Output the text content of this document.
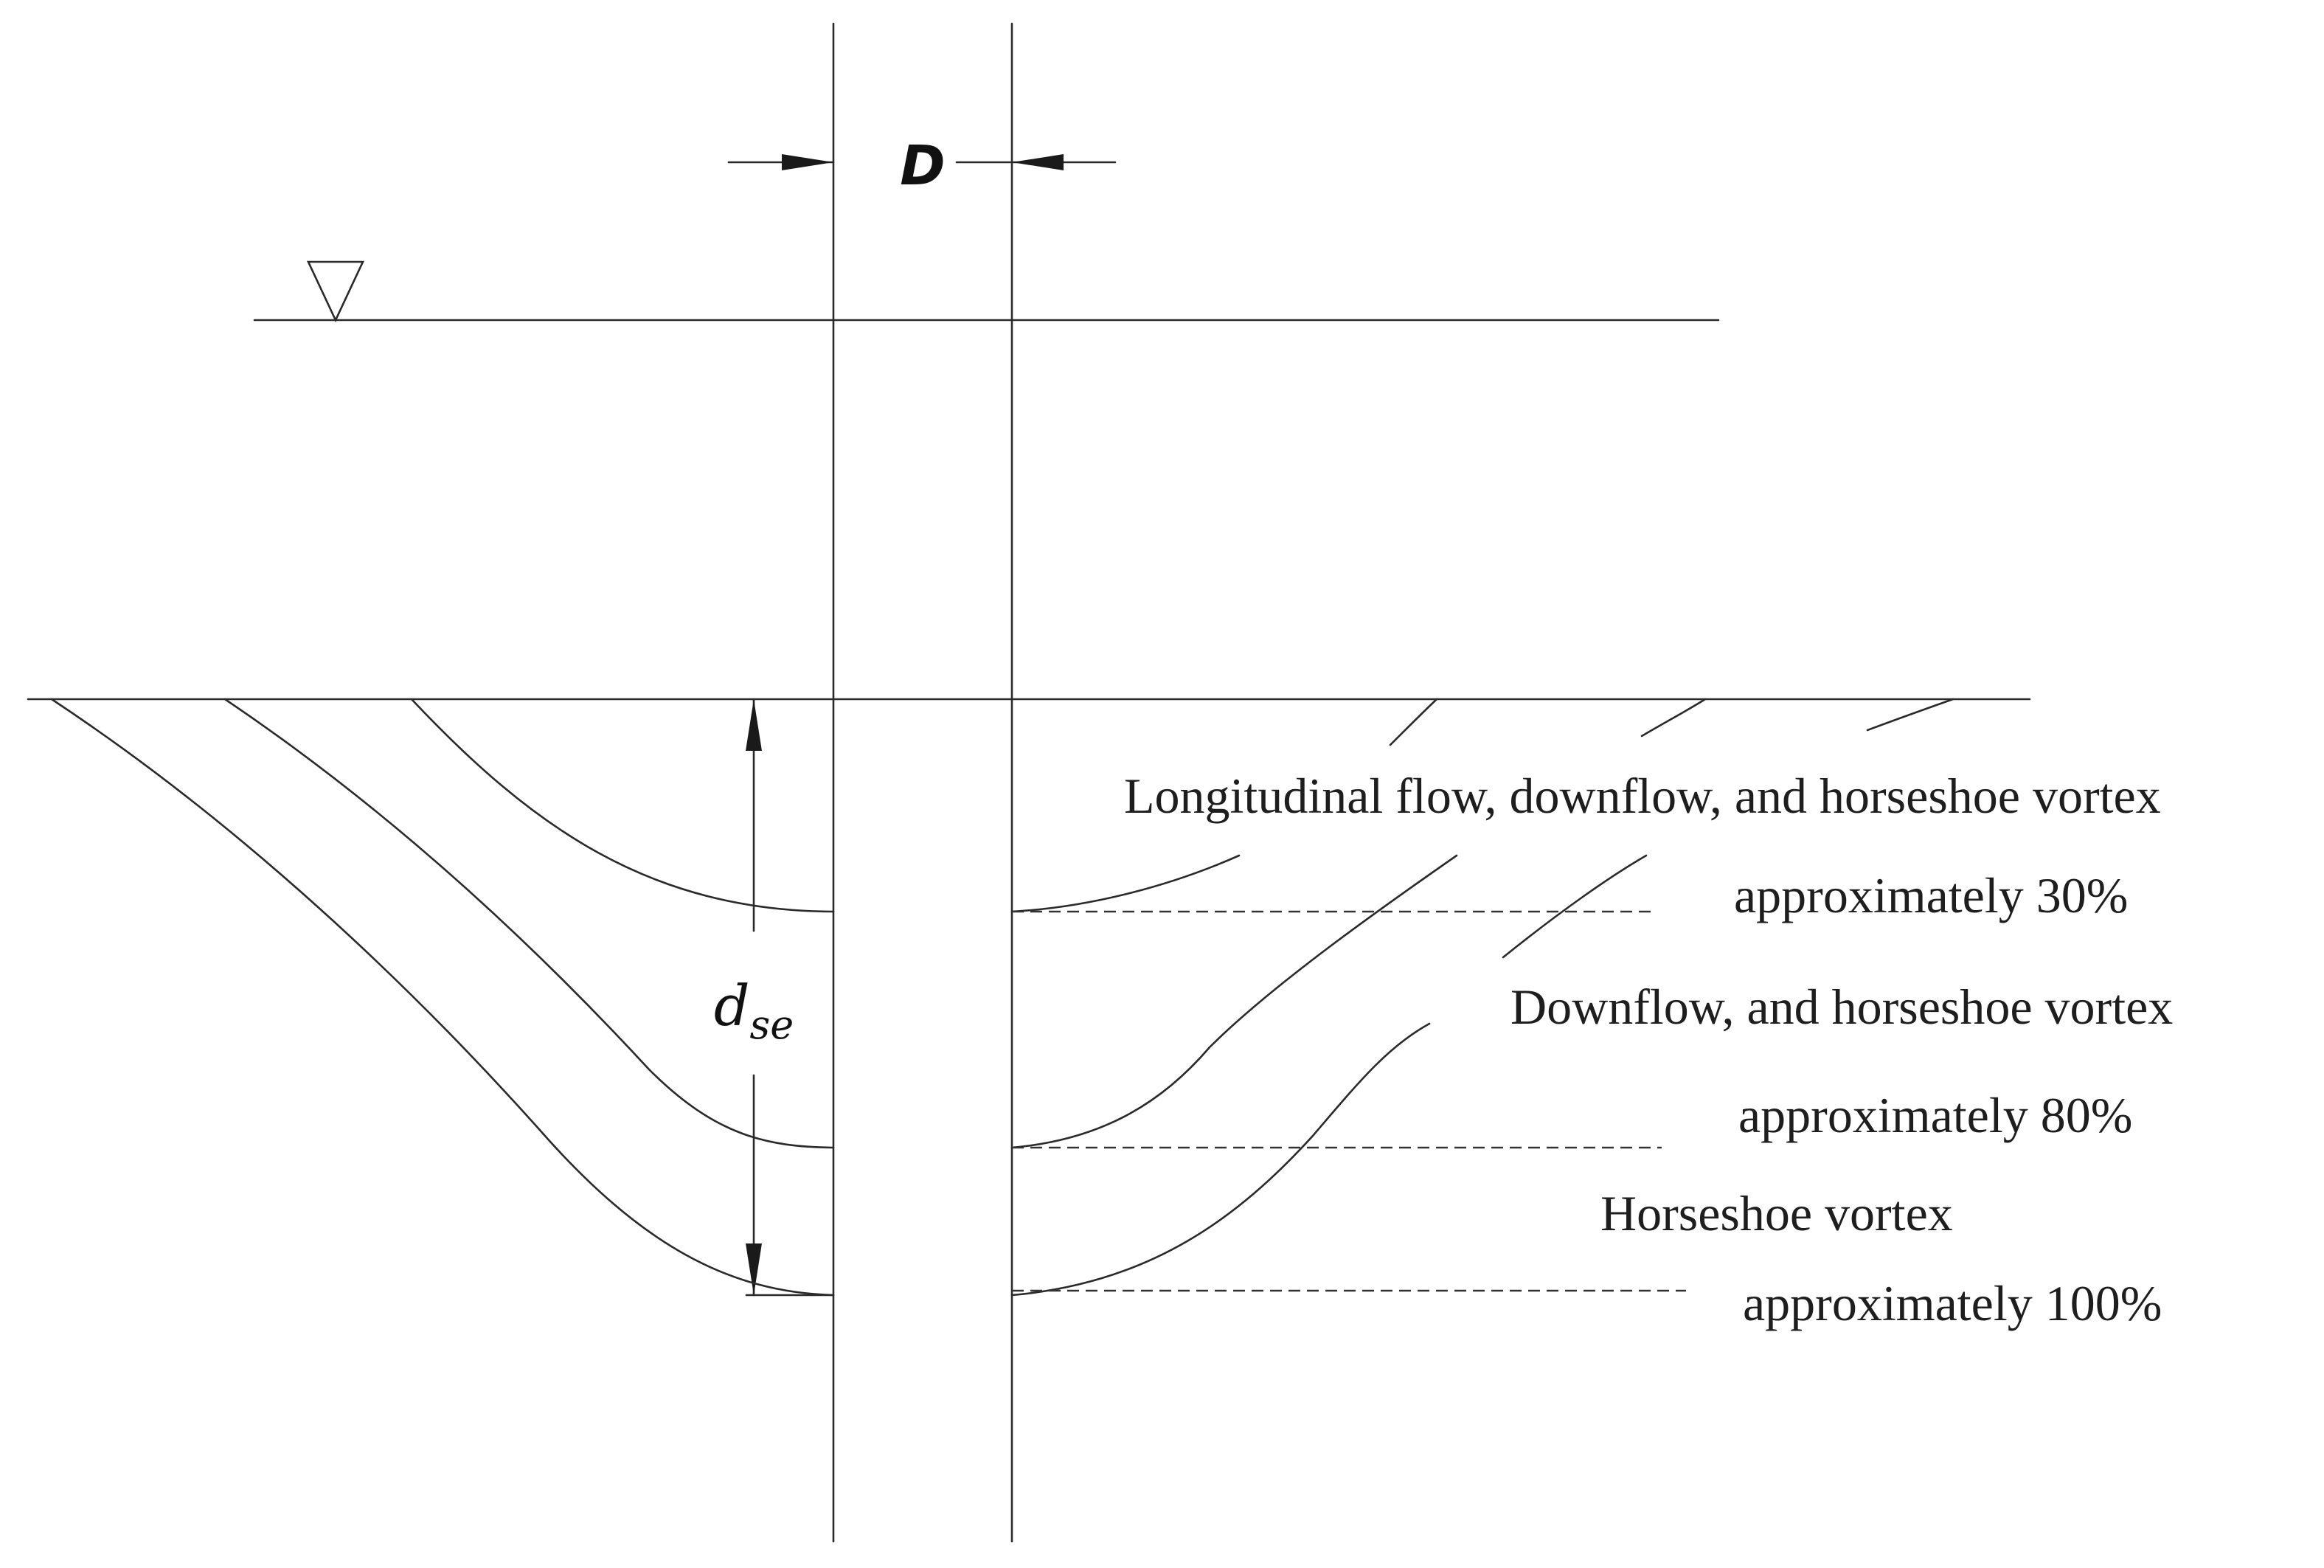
D
dse
Longitudinal flow, downflow, and horseshoe vortex
approximately 30%
Downflow, and horseshoe vortex
approximately 80%
Horseshoe vortex
approximately 100%
